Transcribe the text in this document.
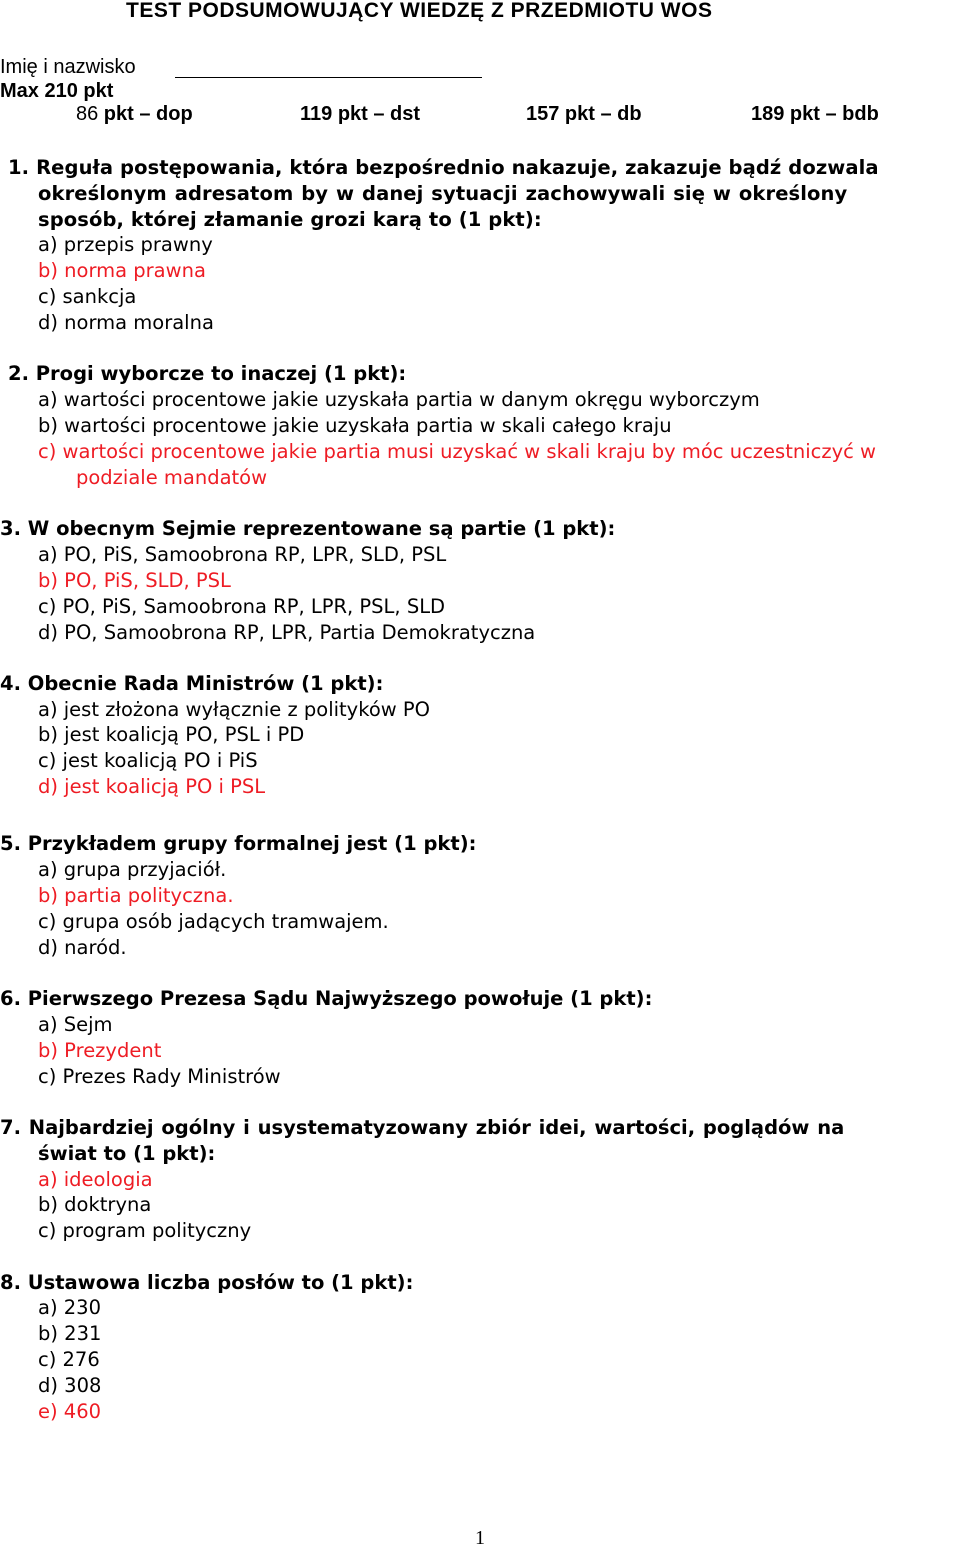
TEST PODSUMOWUJĄCY WIEDZĘ Z PRZEDMIOTU WOS
Imię i nazwisko
Max 210 pkt
86 pkt – dop	119 pkt – dst	157 pkt – db	189 pkt – bdb
1. Reguła postępowania, która bezpośrednio nakazuje, zakazuje bądź dozwala
określonym adresatom by w danej sytuacji zachowywali się w określony
sposób, której złamanie grozi karą to (1 pkt):
a) przepis prawny
b) norma prawna
c) sankcja
d) norma moralna
2. Progi wyborcze to inaczej (1 pkt):
a) wartości procentowe jakie uzyskała partia w danym okręgu wyborczym
b) wartości procentowe jakie uzyskała partia w skali całego kraju
c) wartości procentowe jakie partia musi uzyskać w skali kraju by móc uczestniczyć w
podziale mandatów
3. W obecnym Sejmie reprezentowane są partie (1 pkt):
a) PO, PiS, Samoobrona RP, LPR, SLD, PSL
b) PO, PiS, SLD, PSL
c) PO, PiS, Samoobrona RP, LPR, PSL, SLD
d) PO, Samoobrona RP, LPR, Partia Demokratyczna
4. Obecnie Rada Ministrów (1 pkt):
a) jest złożona wyłącznie z polityków PO
b) jest koalicją PO, PSL i PD
c) jest koalicją PO i PiS
d) jest koalicją PO i PSL
5. Przykładem grupy formalnej jest (1 pkt):
a) grupa przyjaciół.
b) partia polityczna.
c) grupa osób jadących tramwajem.
d) naród.
6. Pierwszego Prezesa Sądu Najwyższego powołuje (1 pkt):
a) Sejm
b) Prezydent
c) Prezes Rady Ministrów
7. Najbardziej ogólny i usystematyzowany zbiór idei, wartości, poglądów na
świat to (1 pkt):
a) ideologia
b) doktryna
c) program polityczny
8. Ustawowa liczba posłów to (1 pkt):
a) 230
b) 231
c) 276
d) 308
e) 460
1
